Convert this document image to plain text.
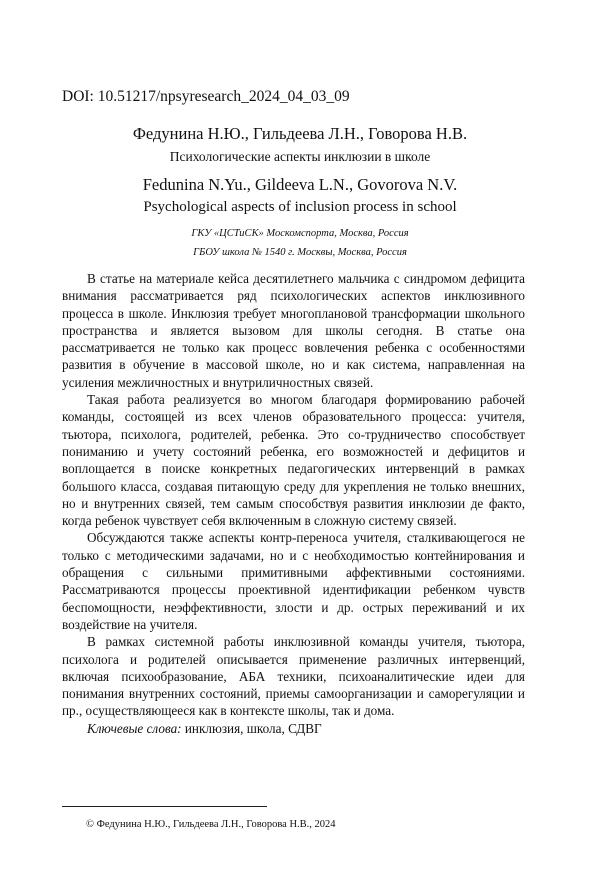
DOI: 10.51217/npsyresearch_2024_04_03_09
Федунина Н.Ю., Гильдеева Л.Н., Говорова Н.В.
Психологические аспекты инклюзии в школе
Fedunina N.Yu., Gildeeva L.N., Govorova N.V.
Psychological aspects of inclusion process in school
ГКУ «ЦСТиСК» Москомспорта, Москва, Россия
ГБОУ школа № 1540 г. Москвы, Москва, Россия

В статье на материале кейса десятилетнего мальчика с синдромом дефицита внимания рассматривается ряд психологических аспектов инклюзивного процесса в школе. Инклюзия требует многоплановой трансформации школьного пространства и является вызовом для школы сегодня. В статье она рассматривается не только как процесс вовлечения ребенка с особенностями развития в обучение в массовой школе, но и как система, направленная на усиления межличностных и внутриличностных связей.

Такая работа реализуется во многом благодаря формированию рабочей команды, состоящей из всех членов образовательного процесса: учителя, тьютора, психолога, родителей, ребенка. Это со-трудничество способствует пониманию и учету состояний ребенка, его возможностей и дефицитов и воплощается в поиске конкретных педагогических интервенций в рамках большого класса, создавая питающую среду для укрепления не только внешних, но и внутренних связей, тем самым способствуя развития инклюзии де факто, когда ребенок чувствует себя включенным в сложную систему связей.

Обсуждаются также аспекты контр-переноса учителя, сталкивающегося не только с методическими задачами, но и с необходимостью контейнирования и обращения с сильными примитивными аффективными состояниями. Рассматриваются процессы проективной идентификации ребенком чувств беспомощности, неэффективности, злости и др. острых переживаний и их воздействие на учителя.

В рамках системной работы инклюзивной команды учителя, тьютора, психолога и родителей описывается применение различных интервенций, включая психообразование, АБА техники, психоаналитические идеи для понимания внутренних состояний, приемы самоорганизации и саморегуляции и пр., осуществляющееся как в контексте школы, так и дома.

Ключевые слова: инклюзия, школа, СДВГ

© Федунина Н.Ю., Гильдеева Л.Н., Говорова Н.В., 2024
